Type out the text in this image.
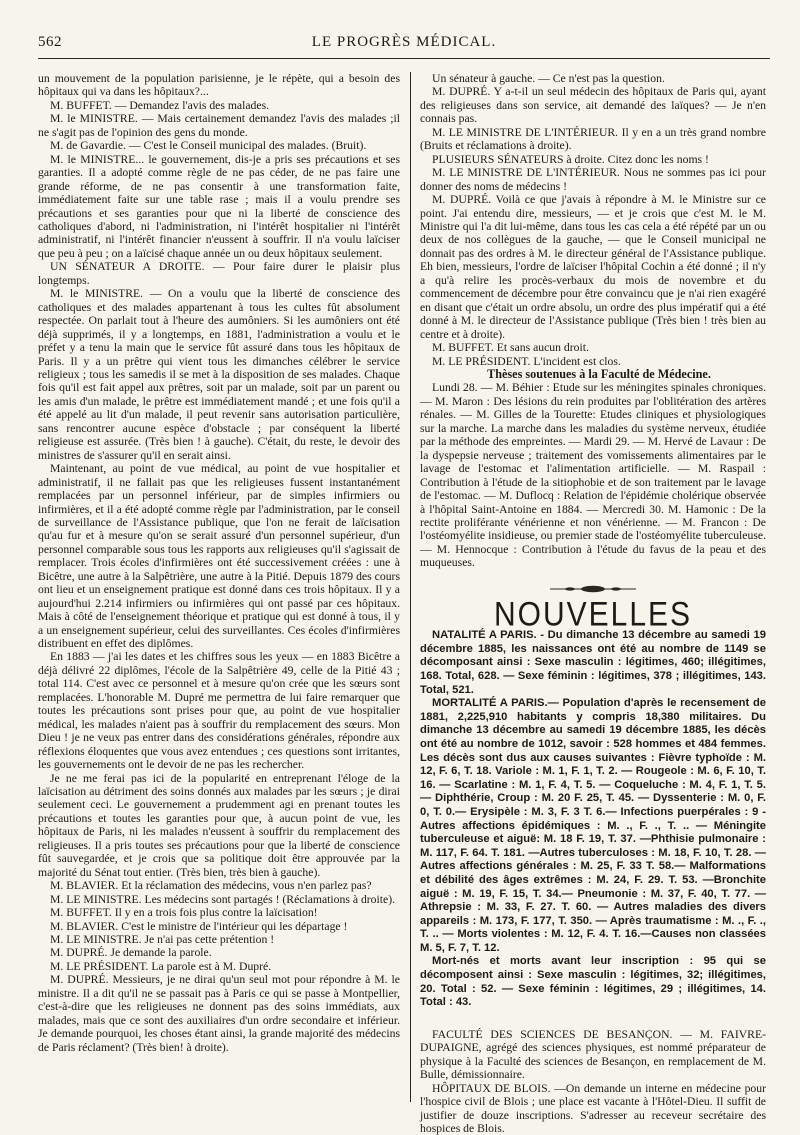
562	LE PROGRÈS MÉDICAL.

un mouvement de la population parisienne, je le répète, qui a besoin des hôpitaux qui va dans les hôpitaux?...

M. BUFFET. — Demandez l'avis des malades.

M. le MINISTRE. — Mais certainement demandez l'avis des malades ;il ne s'agit pas de l'opinion des gens du monde.

M. de Gavardie. — C'est le Conseil municipal des malades. (Bruit).

M. le MINISTRE... le gouvernement, dis-je a pris ses précautions et ses garanties. Il a adopté comme règle de ne pas céder, de ne pas faire une grande réforme, de ne pas consentir à une transformation faite, immédiatement faite sur une table rase ; mais il a voulu prendre ses précautions et ses garanties pour que ni la liberté de conscience des catholiques d'abord, ni l'administration, ni l'intérêt hospitalier ni l'intérêt administratif, ni l'intérêt financier n'eussent à souffrir. Il n'a voulu laïciser que peu à peu ; on a laïcisé chaque année un ou deux hôpitaux seulement.

UN SÉNATEUR A DROITE. — Pour faire durer le plaisir plus longtemps.

M. le MINISTRE. — On a voulu que la liberté de conscience des catholiques et des malades appartenant à tous les cultes fût absolument respectée. On parlait tout à l'heure des aumôniers. Si les aumôniers ont été déjà supprimés, il y a longtemps, en 1881, l'administration a voulu et le préfet y a tenu la main que le service fût assuré dans tous les hôpitaux de Paris. Il y a un prêtre qui vient tous les dimanches célébrer le service religieux ; tous les samedis il se met à la disposition de ses malades. Chaque fois qu'il est fait appel aux prêtres, soit par un malade, soit par un parent ou les amis d'un malade, le prêtre est immédiatement mandé ; et une fois qu'il a été appelé au lit d'un malade, il peut revenir sans autorisation particulière, sans rencontrer aucune espèce d'obstacle ; par conséquent la liberté religieuse est assurée. (Très bien ! à gauche). C'était, du reste, le devoir des ministres de s'assurer qu'il en serait ainsi.

Maintenant, au point de vue médical, au point de vue hospitalier et administratif, il ne fallait pas que les religieuses fussent instantanément remplacées par un personnel inférieur, par de simples infirmiers ou infirmières, et il a été adopté comme règle par l'administration, par le conseil de surveillance de l'Assistance publique, que l'on ne ferait de laïcisation qu'au fur et à mesure qu'on se serait assuré d'un personnel supérieur, d'un personnel comparable sous tous les rapports aux religieuses qu'il s'agissait de remplacer. Trois écoles d'infirmières ont été successivement créées : une à Bicêtre, une autre à la Salpêtrière, une autre à la Pitié. Depuis 1879 des cours ont lieu et un enseignement pratique est donné dans ces trois hôpitaux. Il y a aujourd'hui 2.214 infirmiers ou infirmières qui ont passé par ces hôpitaux. Mais à côté de l'enseignement théorique et pratique qui est donné à tous, il y a un enseignement supérieur, celui des surveillantes. Ces écoles d'infirmières distribuent en effet des diplômes.

En 1883 — j'ai les dates et les chiffres sous les yeux — en 1883 Bicêtre a déjà délivré 22 diplômes, l'école de la Salpêtrière 49, celle de la Pitié 43 ; total 114. C'est avec ce personnel et à mesure qu'on crée que les sœurs sont remplacées. L'honorable M. Dupré me permettra de lui faire remarquer que toutes les précautions sont prises pour que, au point de vue hospitalier médical, les malades n'aient pas à souffrir du remplacement des sœurs. Mon Dieu ! je ne veux pas entrer dans des considérations générales, répondre aux réflexions éloquentes que vous avez entendues ; ces questions sont irritantes, les gouvernements ont le devoir de ne pas les rechercher.

Je ne me ferai pas ici de la popularité en entreprenant l'éloge de la laïcisation au détriment des soins donnés aux malades par les sœurs ; je dirai seulement ceci. Le gouvernement a prudemment agi en prenant toutes les précautions et toutes les garanties pour que, à aucun point de vue, les hôpitaux de Paris, ni les malades n'eussent à souffrir du remplacement des religieuses. Il a pris toutes ses précautions pour que la liberté de conscience fût sauvegardée, et je crois que sa politique doit être approuvée par la majorité du Sénat tout entier. (Très bien, très bien à gauche).

M. BLAVIER. Et la réclamation des médecins, vous n'en parlez pas?

M. LE MINISTRE. Les médecins sont partagés ! (Réclamations à droite).

M. BUFFET. Il y en a trois fois plus contre la laïcisation!

M. BLAVIER. C'est le ministre de l'intérieur qui les départage !

M. LE MINISTRE. Je n'ai pas cette prétention !

M. DUPRÉ. Je demande la parole.

M. LE PRÉSIDENT. La parole est à M. Dupré.

M. DUPRÉ. Messieurs, je ne dirai qu'un seul mot pour répondre à M. le ministre. Il a dit qu'il ne se passait pas à Paris ce qui se passe à Montpellier, c'est-à-dire que les religieuses ne donnent pas des soins immédiats, aux malades, mais que ce sont des auxiliaires d'un ordre secondaire et inférieur. Je demande pourquoi, les choses étant ainsi, la grande majorité des médecins de Paris réclament? (Très bien! à droite).

Un sénateur à gauche. — Ce n'est pas la question.

M. DUPRÉ. Y a-t-il un seul médecin des hôpitaux de Paris qui, ayant des religieuses dans son service, ait demandé des laïques? — Je n'en connais pas.

M. LE MINISTRE DE L'INTÉRIEUR. Il y en a un très grand nombre (Bruits et réclamations à droite).

PLUSIEURS SÉNATEURS à droite. Citez donc les noms !

M. LE MINISTRE DE L'INTÉRIEUR. Nous ne sommes pas ici pour donner des noms de médecins !

M. DUPRÉ. Voilà ce que j'avais à répondre à M. le Ministre sur ce point. J'ai entendu dire, messieurs, — et je crois que c'est M. le M. Ministre qui l'a dit lui-même, dans tous les cas cela a été répété par un ou deux de nos collègues de la gauche, — que le Conseil municipal ne donnait pas des ordres à M. le directeur général de l'Assistance publique. Eh bien, messieurs, l'ordre de laïciser l'hôpital Cochin a été donné ; il n'y a qu'à relire les procès-verbaux du mois de novembre et du commencement de décembre pour être convaincu que je n'ai rien exagéré en disant que c'était un ordre absolu, un ordre des plus impératif qui a été donné à M. le directeur de l'Assistance publique (Très bien ! très bien au centre et à droite).

M. BUFFET. Et sans aucun droit.

M. LE PRÉSIDENT. L'incident est clos.

Thèses soutenues à la Faculté de Médecine.

Lundi 28. — M. Béhier : Etude sur les méningites spinales chroniques.— M. Maron : Des lésions du rein produites par l'oblitération des artères rénales. — M. Gilles de la Tourette: Etudes cliniques et physiologiques sur la marche. La marche dans les maladies du système nerveux, étudiée par la méthode des empreintes. — Mardi 29. — M. Hervé de Lavaur : De la dyspepsie nerveuse ; traitement des vomissements alimentaires par le lavage de l'estomac et l'alimentation artificielle. — M. Raspail : Contribution à l'étude de la sitiophobie et de son traitement par le lavage de l'estomac. — M. Duflocq : Relation de l'épidémie cholérique observée à l'hôpital Saint-Antoine en 1884. — Mercredi 30. M. Hamonic : De la rectite proliférante vénérienne et non vénérienne. — M. Francon : De l'ostéomyélite insidieuse, ou premier stade de l'ostéomyélite tuberculeuse. — M. Hennocque : Contribution à l'étude du favus de la peau et des muqueuses.

NOUVELLES

NATALITÉ A PARIS. - Du dimanche 13 décembre au samedi 19 décembre 1885, les naissances ont été au nombre de 1149 se décomposant ainsi : Sexe masculin : légitimes, 460; illégitimes, 168. Total, 628. — Sexe féminin : légitimes, 378 ; illégitimes, 143. Total, 521.

MORTALITÉ A PARIS.— Population d'après le recensement de 1881, 2,225,910 habitants y compris 18,380 militaires. Du dimanche 13 décembre au samedi 19 décembre 1885, les décès ont été au nombre de 1012, savoir : 528 hommes et 484 femmes. Les décès sont dus aux causes suivantes : Fièvre typhoïde : M. 12, F. 6, T. 18. Variole : M. 1, F. 1, T. 2. — Rougeole : M. 6, F. 10, T. 16. — Scarlatine : M. 1, F. 4, T. 5. — Coqueluche : M. 4, F. 1, T. 5. — Diphthérie, Croup : M. 20 F. 25, T. 45. — Dyssenterie : M. 0, F. 0, T. 0.— Erysipèle : M. 3, F. 3 T. 6.— Infections puerpérales : 9 - Autres affections épidémiques : M. ., F. ., T. .. — Méningite tuberculeuse et aiguë: M. 18 F. 19, T. 37. —Phthisie pulmonaire : M. 117, F. 64. T. 181. —Autres tuberculoses : M. 18, F. 10, T. 28. —Autres affections générales : M. 25, F. 33 T. 58.— Malformations et débilité des âges extrêmes : M. 24, F. 29. T. 53. —Bronchite aiguë : M. 19, F. 15, T. 34.— Pneumonie : M. 37, F. 40, T. 77. —Athrepsie : M. 33, F. 27. T. 60. — Autres maladies des divers appareils : M. 173, F. 177, T. 350. — Après traumatisme : M. ., F. ., T. .. — Morts violentes : M. 12, F. 4. T. 16.—Causes non classées M. 5, F. 7, T. 12.

Mort-nés et morts avant leur inscription : 95 qui se décomposent ainsi : Sexe masculin : légitimes, 32; illégitimes, 20. Total : 52. — Sexe féminin : légitimes, 29 ; illégitimes, 14. Total : 43.

FACULTÉ DES SCIENCES DE BESANÇON. — M. FAIVRE-DUPAIGNE, agrégé des sciences physiques, est nommé préparateur de physique à la Faculté des sciences de Besançon, en remplacement de M. Bulle, démissionnaire.

HÔPITAUX DE BLOIS. —On demande un interne en médecine pour l'hospice civil de Blois ; une place est vacante à l'Hôtel-Dieu. Il suffit de justifier de douze inscriptions. S'adresser au receveur secrétaire des hospices de Blois.
